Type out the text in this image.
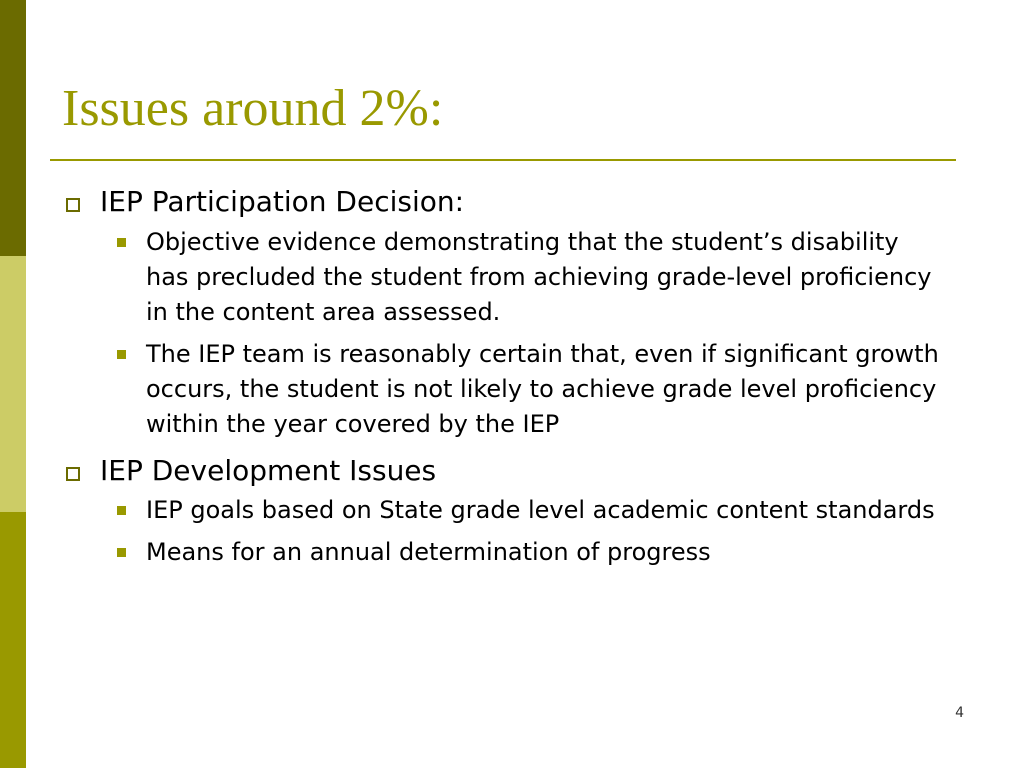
Issues around 2%:
IEP Participation Decision:
Objective evidence demonstrating that the student’s disability has precluded the student from achieving grade-level proficiency in the content area assessed.
The IEP team is reasonably certain that, even if significant growth occurs, the student is not likely to achieve grade level proficiency within the year covered by the IEP
IEP Development Issues
IEP goals based on State grade level academic content standards
Means for an annual determination of progress
4
